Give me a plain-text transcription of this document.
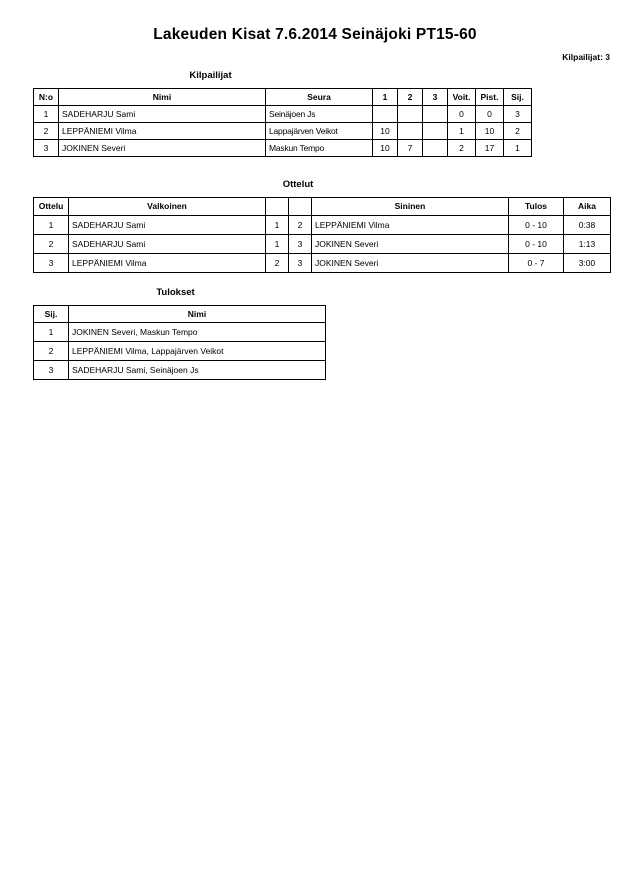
Lakeuden Kisat 7.6.2014 Seinäjoki PT15-60
Kilpailijat: 3
Kilpailijat
N:o	Nimi	Seura	1	2	3	Voit.	Pist.	Sij.
1	SADEHARJU Sami	Seinäjoen Js				0	0	3
2	LEPPÄNIEMI Vilma	Lappajärven Veikot	10			1	10	2
3	JOKINEN Severi	Maskun Tempo	10	7		2	17	1
Ottelut
Ottelu	Valkoinen			Sininen	Tulos	Aika
1	SADEHARJU Sami	1	2	LEPPÄNIEMI Vilma	0 - 10	0:38
2	SADEHARJU Sami	1	3	JOKINEN Severi	0 - 10	1:13
3	LEPPÄNIEMI Vilma	2	3	JOKINEN Severi	0 - 7	3:00
Tulokset
Sij.	Nimi
1	JOKINEN Severi, Maskun Tempo
2	LEPPÄNIEMI Vilma, Lappajärven Veikot
3	SADEHARJU Sami, Seinäjoen Js
